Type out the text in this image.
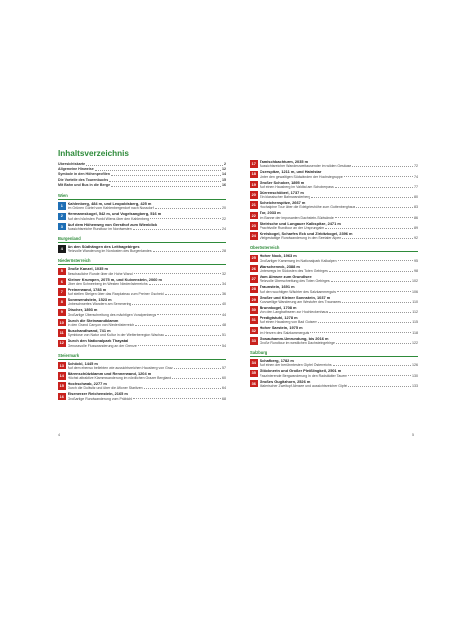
Inhaltsverzeichnis
Übersichtskarte	2
Allgemeine Hinweise	12
Symbole in den Höhenprofilen	14
Die Vorteile des Tourenbuchs	15
Mit Bahn und Bus in die Berge	16
Wien
1
Kahlenberg, 484 m, und Leopoldsberg, 425 m
Im Grünen Gürtel vom Kahlenbergerdorf nach Nussdorf	20
2
Hermannskogel, 542 m, und Vogelsangberg, 516 m
Auf den höchsten Punkt Wiens über den Kahlenberg	22
3
Auf dem Höhenweg von Gersthof zum Wienblick
Aussichtsreiche Rundtour im Nordwesten	24
Burgenland
4
An den Südhängen des Leithagebirges
Reizvolle Wanderung im Nordosten des Burgenlandes	28
Niederösterreich
5
Große Kanzel, 1035 m
Beschauliche Runde über die Hohe Wand	32
6
Kleiner Krumpen, 2075 m, und Kuixenstein, 2060 m
Über den Schneeberg im Westen Niederösterreichs	34
7
Preinerwand, 1783 m
Auf steilen Steigen über das Raxplateau zum Preiner Gscheid	36
8
Sonnwendstein, 1523 m
Unbeschwertes Wandern am Semmering	40
9
Ötscher, 1893 m
Großartige Überschreitung des mächtigen Voralpenbergs	44
10
Durch die Steinwandklamm
In den Grand Canyon von Niederösterreich	48
11
Buschandlwand, 741 m
Symbiose von Natur und Kultur in der Welterberegion Wachau	51
12
Durch den Nationalpark Thayatal
Genussvolle Flusswanderung an der Grenze	54
Steiermark
13
Schöckl, 1445 m
Auf dem ebenso beliebten wie aussichtsreichen Hausberg von Graz	57
14
Bärenschützklamm und Rennerwand, 1204 m
Höchst attraktive Klammwanderung im nördlichen Grazer Bergland	60
15
Hochschwab, 2277 m
Durch die Dullwitz und über die Afloner Staritzen	64
16
Eisenerzer Reichenstein, 2165 m
Großartige Rundwanderung vom Präbichl	68
17
Tamischbachturm, 2035 m
Aussichtsreicher Wanderzweitausender im wilden Gesäuse	72
18
Cserspitze, 1211 m, und Hainlstar
Unter den gewaltigen Südwänden der Hochstegruppe	74
19
Großer Schober, 1895 m
Auf einen Hausberg im Valdtal am Schoberpass	77
20
Dürrenschöberl, 1737 m
Ein klassischer Bahnwanderberg	80
21
Scheichenspitze, 2667 m
Hochalpine Tour über die Edelgrieshöhe zum Guttenberghaus	83
22
Tor, 2033 m
Im Banne der imposanten Dachstein-Südwände	86
23
Steirische und Lungauer Kalkspitze, 2471 m
Prachtvolle Rundtour an der Ursprungalm	89
24
Kreiskogel, Scharfes Eck und Zirbitzkogel, 2396 m
Vielgestaltige Rundwanderung in den Seetaler Alpen	92
Oberösterreich
25
Hoher Nock, 1963 m
Großartiger Kammweg im Nationalpark Kalkalpen	95
26
Warscheneck, 2388 m
Unterwegs im Südosten des Toten Gebirges	98
27
Vom Almsee zum Grundlsee
Reizvolle Überschreitung des Toten Gebirges	102
28
Traunstein, 1691 m
Auf den wuchtigen Wächter des Salzkammerguts	106
29
Großer und Kleiner Sonnstein, 1037 m
Kurzweilige Wanderung am Westufer des Traunsees	110
30
Brunnkogel, 1708 m
Von den Langbathseen zur Hochleckenhaus	112
31
Predigtstuhl, 1278 m
Auf einen Hausberg von Bad Goisern	115
32
Hoher Sarstein, 1975 m
Im Herzen des Salzkammerguts	118
33
Gosauhamm-Umrundung, bis 2016 m
Große Rundtour im westlichen Dachsteingebirge	122
Salzburg
34
Schafberg, 1782 m
Auf einen der berühmtesten Gipfel Österreichs	126
35
Glöcknerin und Großer Pleißlingkeil, 2501 m
Faszinierende Bergwanderung in den Radstädter Tauern	130
36
Großes Gugitzhorn, 2526 m
Malerischer Zweitopf Almsee und aussichtsreicher Gipfel	133
4	5
